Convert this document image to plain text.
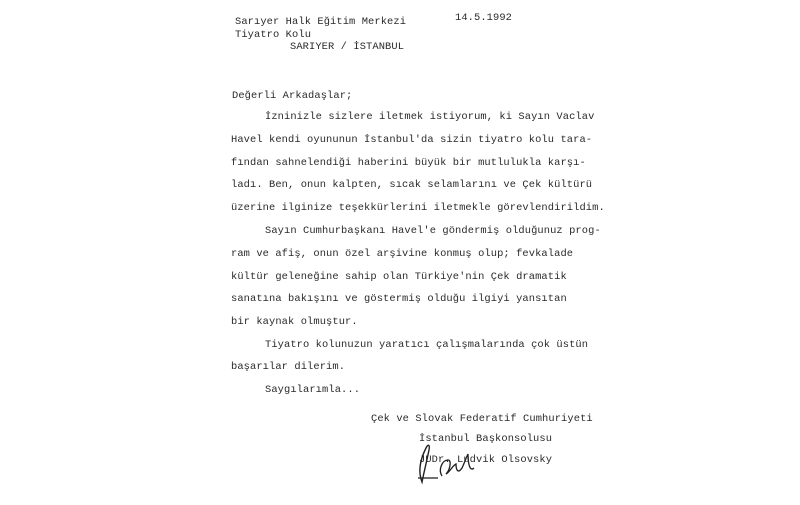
14.5.1992
Sarıyer Halk Eğitim Merkezi
Tiyatro Kolu
SARIYER / İSTANBUL
Değerli Arkadaşlar;
İzninizle sizlere iletmek istiyorum, ki Sayın Vaclav
Havel kendi oyununun İstanbul'da sizin tiyatro kolu tara-
fından sahnelendiği haberini büyük bir mutlulukla karşı-
ladı. Ben, onun kalpten, sıcak selamlarını ve Çek kültürü
üzerine ilginize teşekkürlerini iletmekle görevlendirildim.
Sayın Cumhurbaşkanı Havel'e göndermiş olduğunuz prog-
ram ve afiş, onun özel arşivine konmuş olup; fevkalade
kültür geleneğine sahip olan Türkiye'nin Çek dramatik
sanatına bakışını ve göstermiş olduğu ilgiyi yansıtan
bir kaynak olmuştur.
Tiyatro kolunuzun yaratıcı çalışmalarında çok üstün
başarılar dilerim.
Saygılarımla...
Çek ve Slovak Federatif Cumhuriyeti
İstanbul Başkonsolusu
JUDr. Ludvik Olsovsky
